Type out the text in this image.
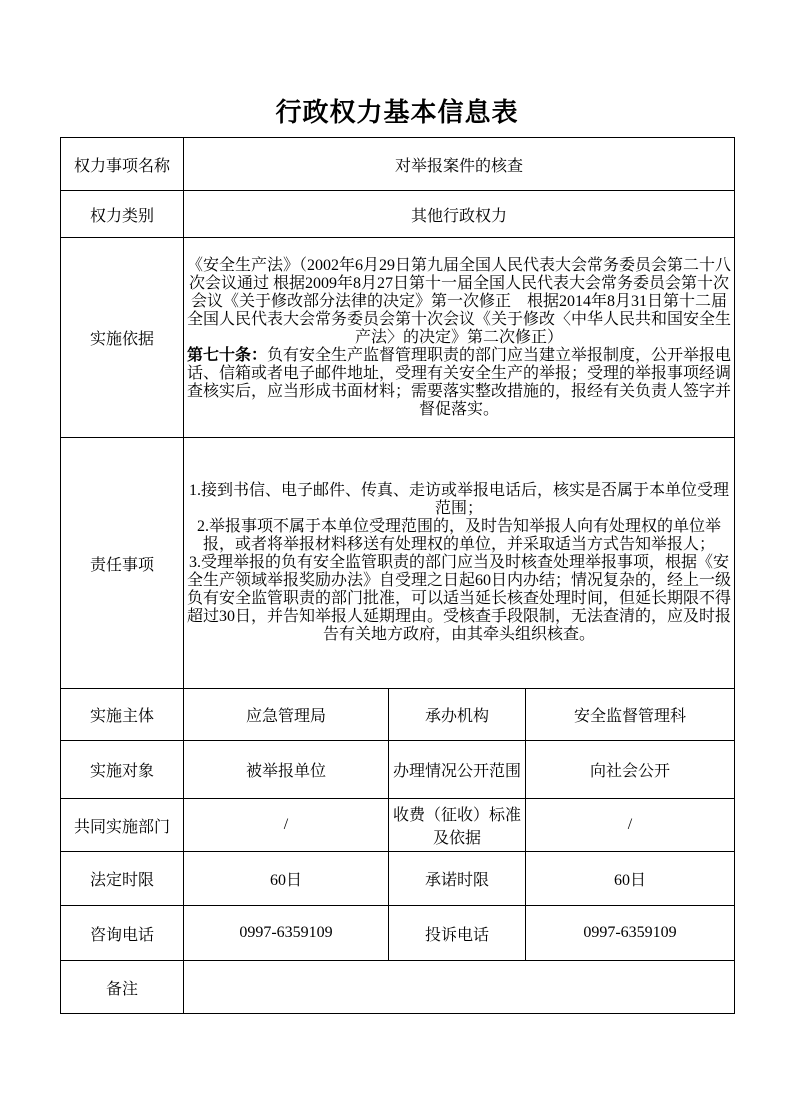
行政权力基本信息表
权力事项名称	对举报案件的核查		
权力类别	其他行政权力		
实施依据	《安全生产法》（2002年6月29日第九届全国人民代表大会常务委员会第二十八次会议通过 根据2009年8月27日第十一届全国人民代表大会常务委员会第十次会议《关于修改部分法律的决定》第一次修正　根据2014年8月31日第十二届全国人民代表大会常务委员会第十次会议《关于修改〈中华人民共和国安全生产法〉的决定》第二次修正）
第七十条：负有安全生产监督管理职责的部门应当建立举报制度，公开举报电话、信箱或者电子邮件地址，受理有关安全生产的举报；受理的举报事项经调查核实后，应当形成书面材料；需要落实整改措施的，报经有关负责人签字并督促落实。		

责任事项	1.接到书信、电子邮件、传真、走访或举报电话后，核实是否属于本单位受理范围；
2.举报事项不属于本单位受理范围的，及时告知举报人向有处理权的单位举报，或者将举报材料移送有处理权的单位，并采取适当方式告知举报人；
3.受理举报的负有安全监管职责的部门应当及时核查处理举报事项，根据《安全生产领域举报奖励办法》自受理之日起60日内办结；情况复杂的，经上一级负有安全监管职责的部门批准，可以适当延长核查处理时间，但延长期限不得超过30日，并告知举报人延期理由。受核查手段限制，无法查清的，应及时报告有关地方政府，由其牵头组织核查。		

实施主体	应急管理局	承办机构	安全监督管理科
实施对象	被举报单位	办理情况公开范围	向社会公开
共同实施部门	/	收费（征收）标准及依据	/
法定时限	60日	承诺时限	60日
咨询电话	0997-6359109	投诉电话	0997-6359109
备注			
